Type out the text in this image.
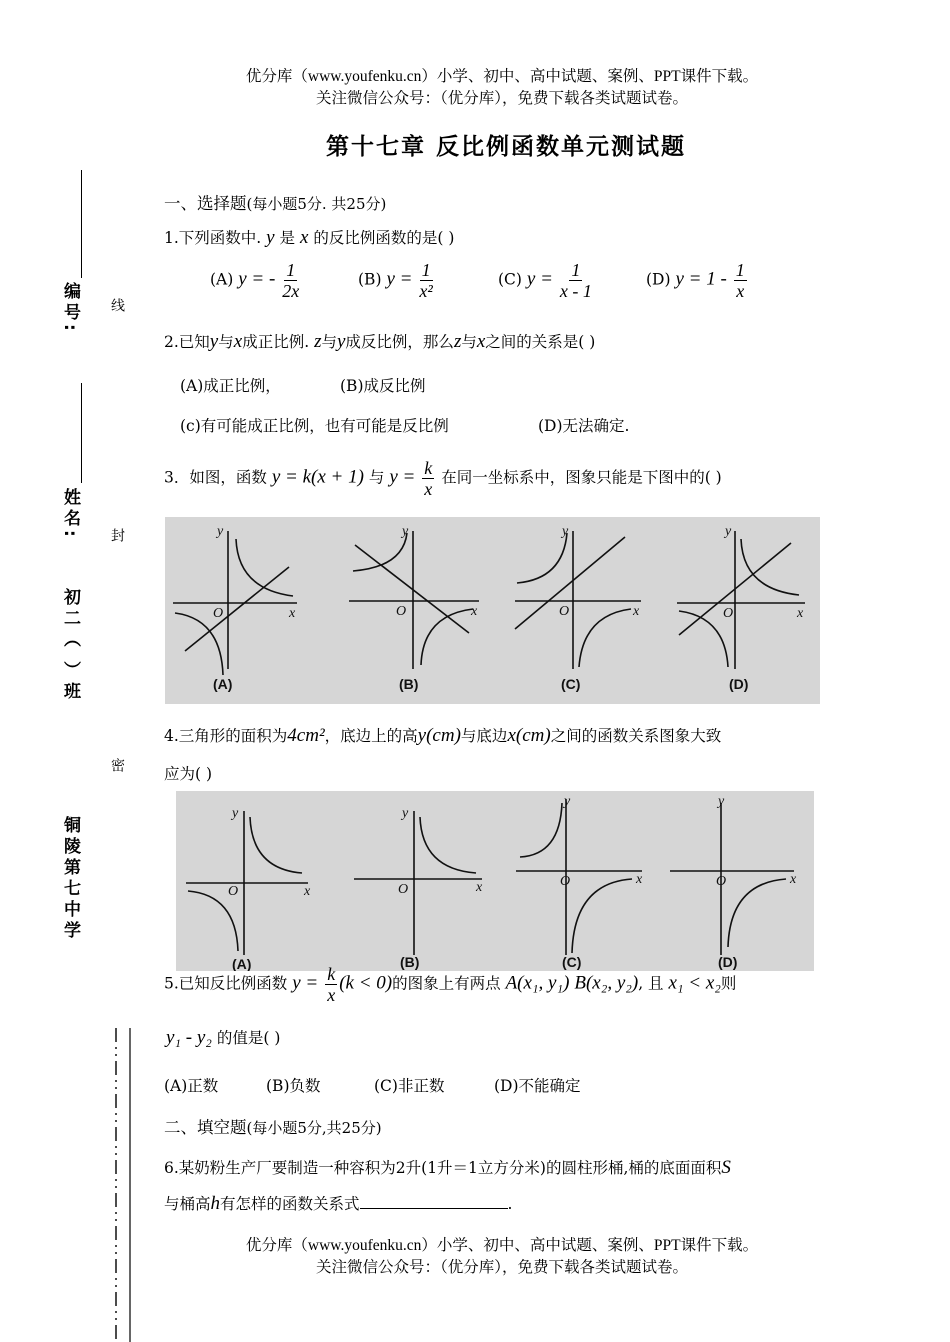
优分库（www.youfenku.cn）小学、初中、高中试题、案例、PPT课件下载。
关注微信公众号：（优分库），免费下载各类试题试卷。
第十七章 反比例函数单元测试题
铜陵第七中学
初二（ ）班
姓名:
编号: 线
封
密
一、选择题(每小题5分. 共25分)
1.下列函数中. y 是 x 的反比例函数的是( )
(A) y = - $\frac{1}{2x}$	(B) $y = \frac{1}{\text{x²}}$	(C) $y = \frac{1}{x - 1}$	(D) $y = 1 - \frac{1}{x}$
2.已知y与x成正比例. z与y成反比例，那么z与x之间的关系是( )
(A)成正比例，	(B)成反比例
(c)有可能成正比例，也有可能是反比例	(D)无法确定.
3．如图，函数 y = k(x + 1) 与 $y = \frac{k}{x}$ 在同一坐标系中，图象只能是下图中的( )
y
x
O
y
x
O
y
x
O
y
x
O
(A)	(B)	(C)	(D)
4.三角形的面积为4cm²，底边上的高y(cm)与底边x(cm)之间的函数关系图象大致
应为( )
y
x
O
y
x
O
y
x
O
y
x
O
(A)	(B)	(C)	(D)
5.已知反比例函数 $y = \frac{k}{x} (k < 0)$的图象上有两点 A(x₁, y₁) B(x₂, y₂), 且 x₁ < x₂则
y₁ - y₂ 的值是( )
(A)正数	(B)负数	(C)非正数	(D)不能确定
二、填空题(每小题5分,共25分)
6.某奶粉生产厂要制造一种容积为2升(1升＝1立方分米)的圆柱形桶,桶的底面面积S
与桶高h有怎样的函数关系式	.
优分库（www.youfenku.cn）小学、初中、高中试题、案例、PPT课件下载。
关注微信公众号：（优分库），免费下载各类试题试卷。
